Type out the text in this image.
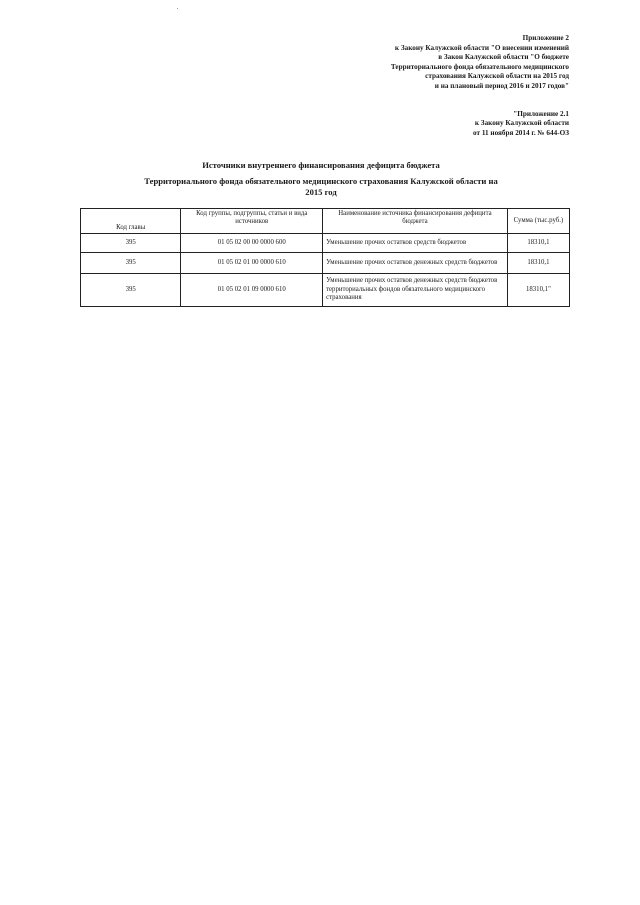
Приложение 2
к Закону Калужской области "О внесении изменений
в Закон Калужской области "О бюджете
Территориального фонда обязательного медицинского
страхования Калужской области на 2015 год
и на плановый период 2016 и 2017 годов"
"Приложение 2.1
к Закону Калужской области
от 11 ноября 2014 г. № 644-ОЗ
Источники внутреннего финансирования дефицита бюджета
Территориального фонда обязательного медицинского страхования Калужской области на
2015 год
Код главы	Код группы, подгруппы, статьи и вида источников	Наименование источника финансирования дефицита бюджета	Сумма (тыс.руб.)
395	01 05 02 00 00 0000 600	Уменьшение прочих остатков средств бюджетов	18310,1
395	01 05 02 01 00 0000 610	Уменьшение прочих остатков денежных средств бюджетов	18310,1
395	01 05 02 01 09 0000 610	Уменьшение прочих остатков денежных средств бюджетов территориальных фондов обязательного медицинского страхования	18310,1"
